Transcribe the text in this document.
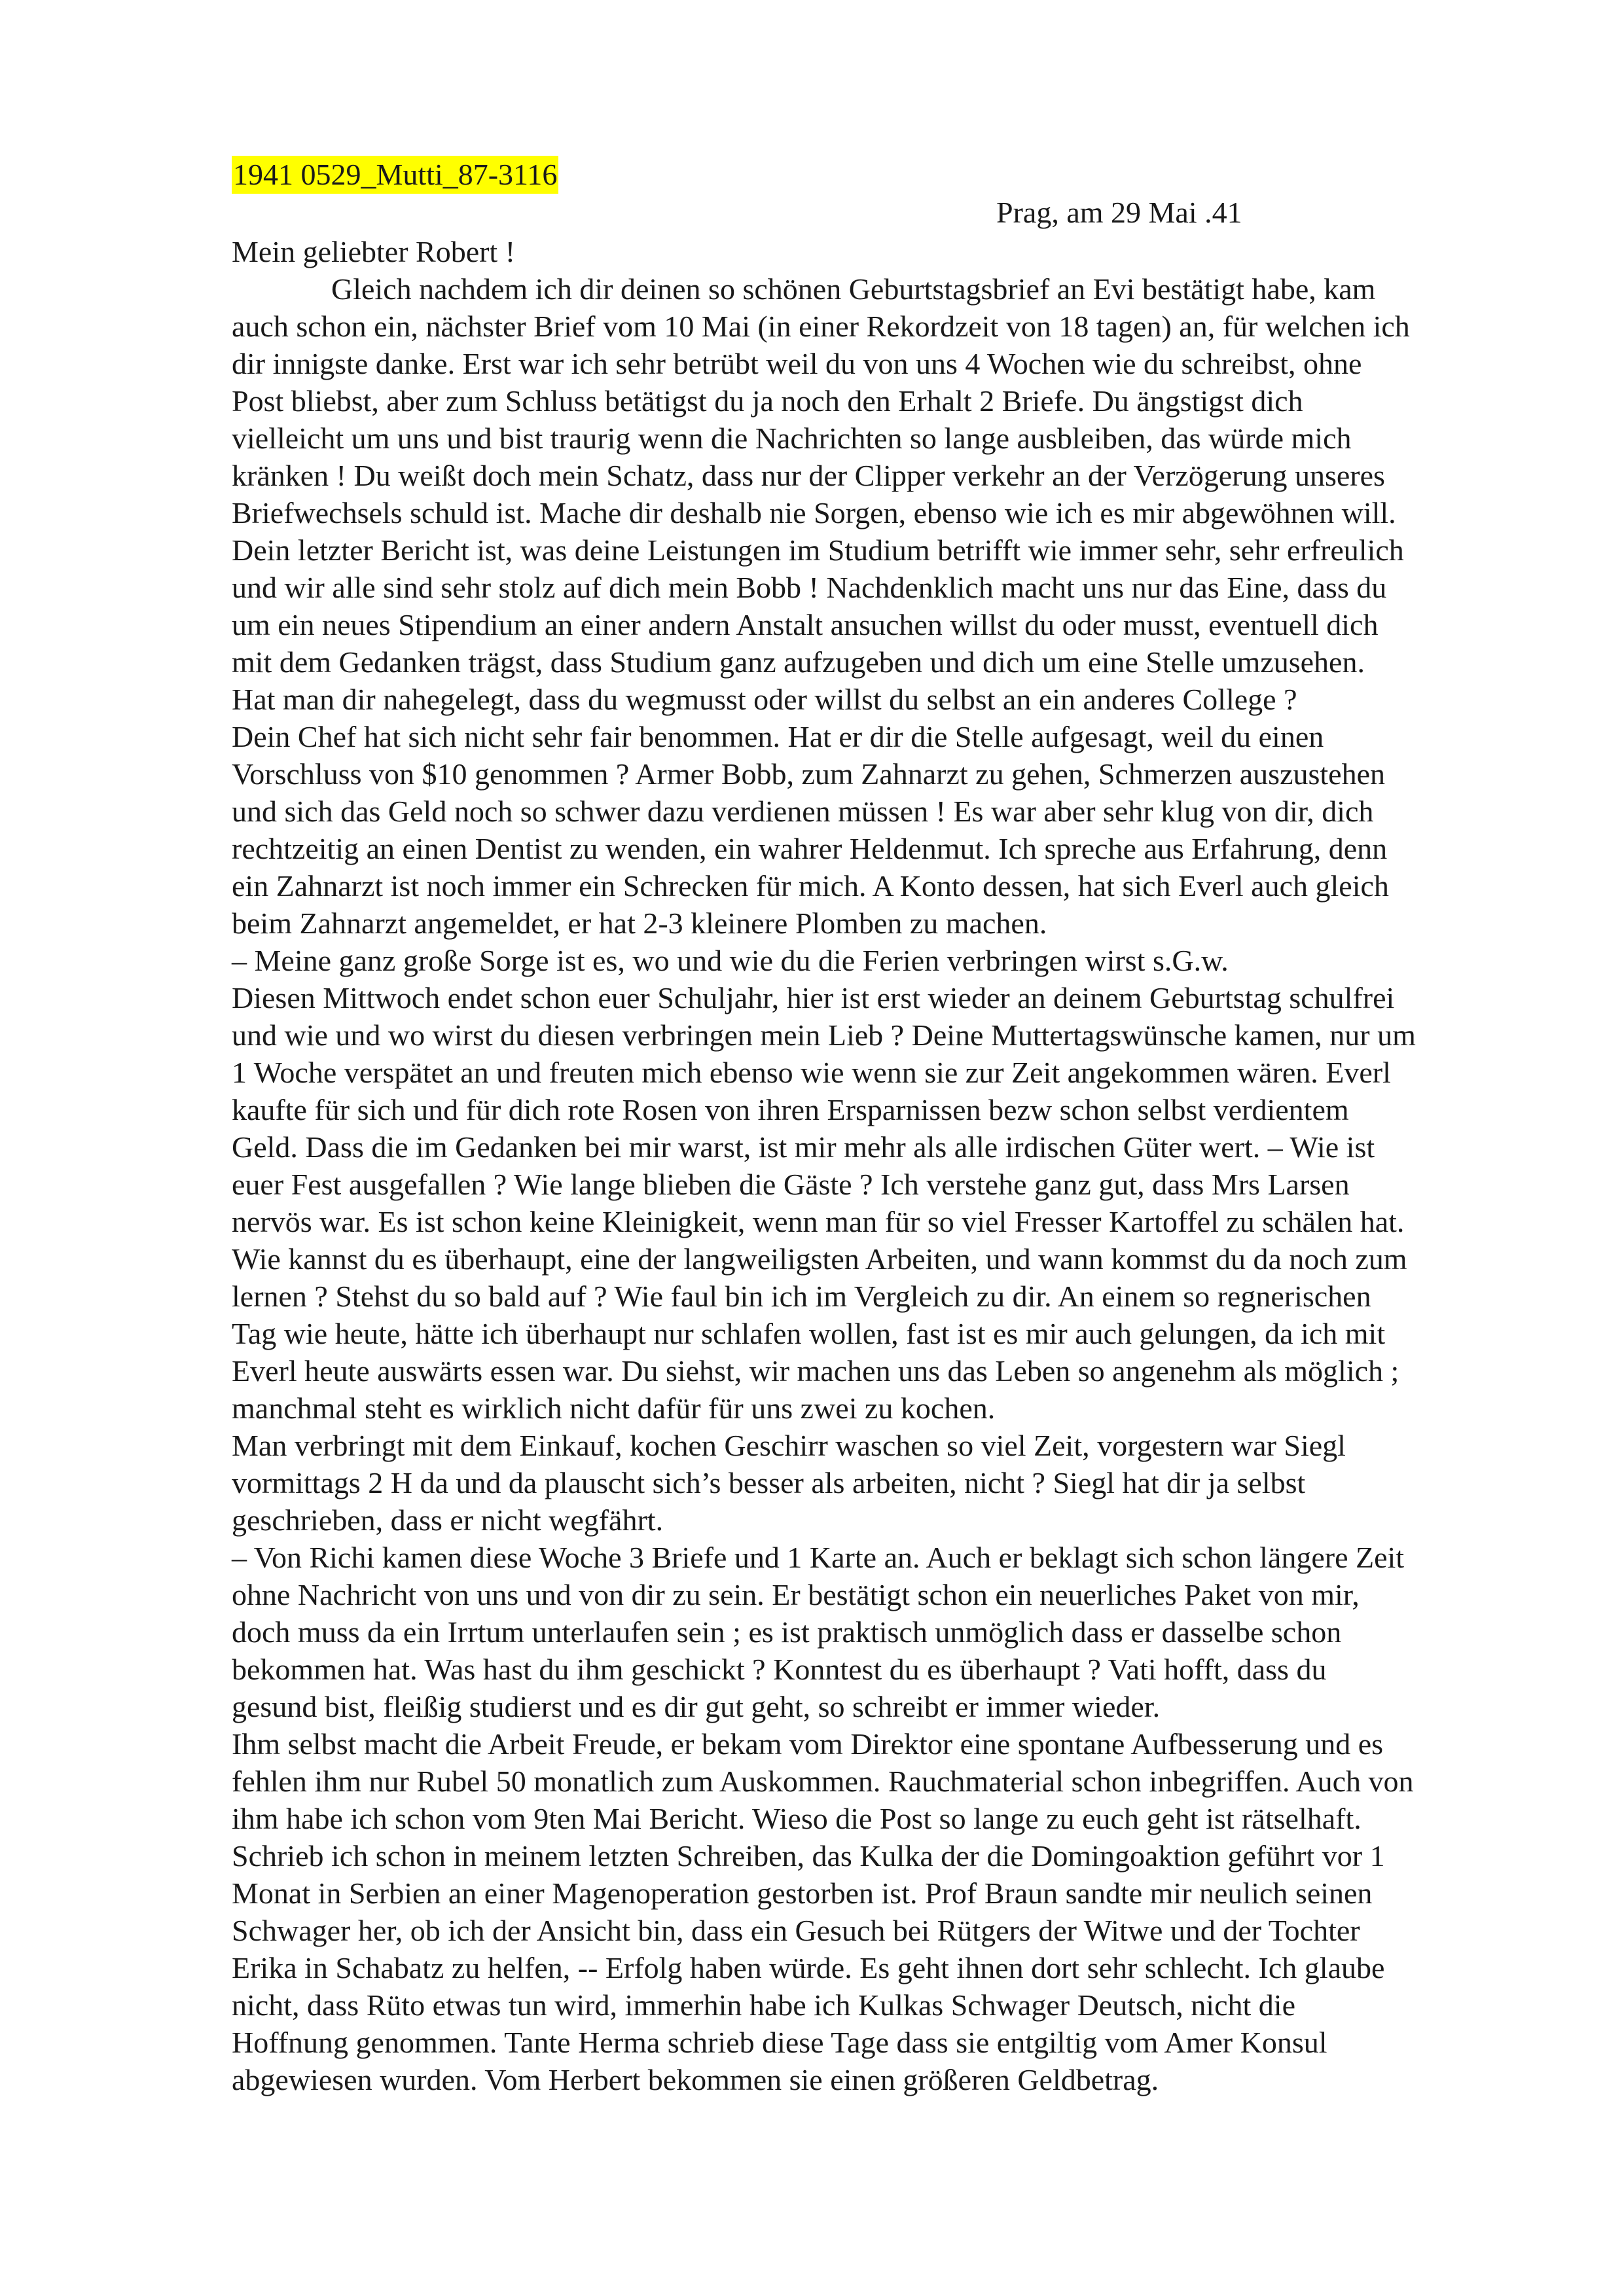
1941 0529_Mutti_87-3116
Prag, am 29 Mai .41

Mein geliebter Robert !

Gleich nachdem ich dir deinen so schönen Geburtstagsbrief an Evi bestätigt habe, kam

auch schon ein, nächster Brief vom 10 Mai (in einer Rekordzeit von 18 tagen) an, für welchen ich

dir innigste danke. Erst war ich sehr betrübt weil du von uns 4 Wochen wie du schreibst, ohne

Post bliebst, aber zum Schluss betätigst du ja noch den Erhalt 2 Briefe. Du ängstigst dich

vielleicht um uns und bist traurig wenn die Nachrichten so lange ausbleiben, das würde mich

kränken ! Du weißt doch mein Schatz, dass nur der Clipper verkehr an der Verzögerung unseres

Briefwechsels schuld ist. Mache dir deshalb nie Sorgen, ebenso wie ich es mir abgewöhnen will.

Dein letzter Bericht ist, was deine Leistungen im Studium betrifft wie immer sehr, sehr erfreulich

und wir alle sind sehr stolz auf dich mein Bobb ! Nachdenklich macht uns nur das Eine, dass du

um ein neues Stipendium an einer andern Anstalt ansuchen willst du oder musst, eventuell dich

mit dem Gedanken trägst, dass Studium ganz aufzugeben und dich um eine Stelle umzusehen.

Hat man dir nahegelegt, dass du wegmusst oder willst du selbst an ein anderes College ?

Dein Chef hat sich nicht sehr fair benommen. Hat er dir die Stelle aufgesagt, weil du einen

Vorschluss von $10 genommen ? Armer Bobb, zum Zahnarzt zu gehen, Schmerzen auszustehen

und sich das Geld noch so schwer dazu verdienen müssen ! Es war aber sehr klug von dir, dich

rechtzeitig an einen Dentist zu wenden, ein wahrer Heldenmut. Ich spreche aus Erfahrung, denn

ein Zahnarzt ist noch immer ein Schrecken für mich. A Konto dessen, hat sich Everl auch gleich

beim Zahnarzt angemeldet, er hat 2-3 kleinere Plomben zu machen.

– Meine ganz große Sorge ist es, wo und wie du die Ferien verbringen wirst s.G.w.

Diesen Mittwoch endet schon euer Schuljahr, hier ist erst wieder an deinem Geburtstag schulfrei

und wie und wo wirst du diesen verbringen mein Lieb ? Deine Muttertagswünsche kamen, nur um

1 Woche verspätet an und freuten mich ebenso wie wenn sie zur Zeit angekommen wären. Everl

kaufte für sich und für dich rote Rosen von ihren Ersparnissen bezw schon selbst verdientem

Geld. Dass die im Gedanken bei mir warst, ist mir mehr als alle irdischen Güter wert. – Wie ist

euer Fest ausgefallen ? Wie lange blieben die Gäste ? Ich verstehe ganz gut, dass Mrs Larsen

nervös war. Es ist schon keine Kleinigkeit, wenn man für so viel Fresser Kartoffel zu schälen hat.

Wie kannst du es überhaupt, eine der langweiligsten Arbeiten, und wann kommst du da noch zum

lernen ? Stehst du so bald auf ? Wie faul bin ich im Vergleich zu dir. An einem so regnerischen

Tag wie heute, hätte ich überhaupt nur schlafen wollen, fast ist es mir auch gelungen, da ich mit

Everl heute auswärts essen war. Du siehst, wir machen uns das Leben so angenehm als möglich ;

manchmal steht es wirklich nicht dafür für uns zwei zu kochen.

Man verbringt mit dem Einkauf, kochen Geschirr waschen so viel Zeit, vorgestern war Siegl

vormittags 2 H da und da plauscht sich’s besser als arbeiten, nicht ? Siegl hat dir ja selbst

geschrieben, dass er nicht wegfährt.

– Von Richi kamen diese Woche 3 Briefe und 1 Karte an. Auch er beklagt sich schon längere Zeit

ohne Nachricht von uns und von dir zu sein. Er bestätigt schon ein neuerliches Paket von mir,

doch muss da ein Irrtum unterlaufen sein ; es ist praktisch unmöglich dass er dasselbe schon

bekommen hat. Was hast du ihm geschickt ? Konntest du es überhaupt ? Vati hofft, dass du

gesund bist, fleißig studierst und es dir gut geht, so schreibt er immer wieder.

Ihm selbst macht die Arbeit Freude, er bekam vom Direktor eine spontane Aufbesserung und es

fehlen ihm nur Rubel 50 monatlich zum Auskommen. Rauchmaterial schon inbegriffen. Auch von

ihm habe ich schon vom 9ten Mai Bericht. Wieso die Post so lange zu euch geht ist rätselhaft.

Schrieb ich schon in meinem letzten Schreiben, das Kulka der die Domingoaktion geführt vor 1

Monat in Serbien an einer Magenoperation gestorben ist. Prof Braun sandte mir neulich seinen

Schwager her, ob ich der Ansicht bin, dass ein Gesuch bei Rütgers der Witwe und der Tochter

Erika in Schabatz zu helfen, -- Erfolg haben würde. Es geht ihnen dort sehr schlecht. Ich glaube

nicht, dass Rüto etwas tun wird, immerhin habe ich Kulkas Schwager Deutsch, nicht die

Hoffnung genommen. Tante Herma schrieb diese Tage dass sie entgiltig vom Amer Konsul

abgewiesen wurden. Vom Herbert bekommen sie einen größeren Geldbetrag.
